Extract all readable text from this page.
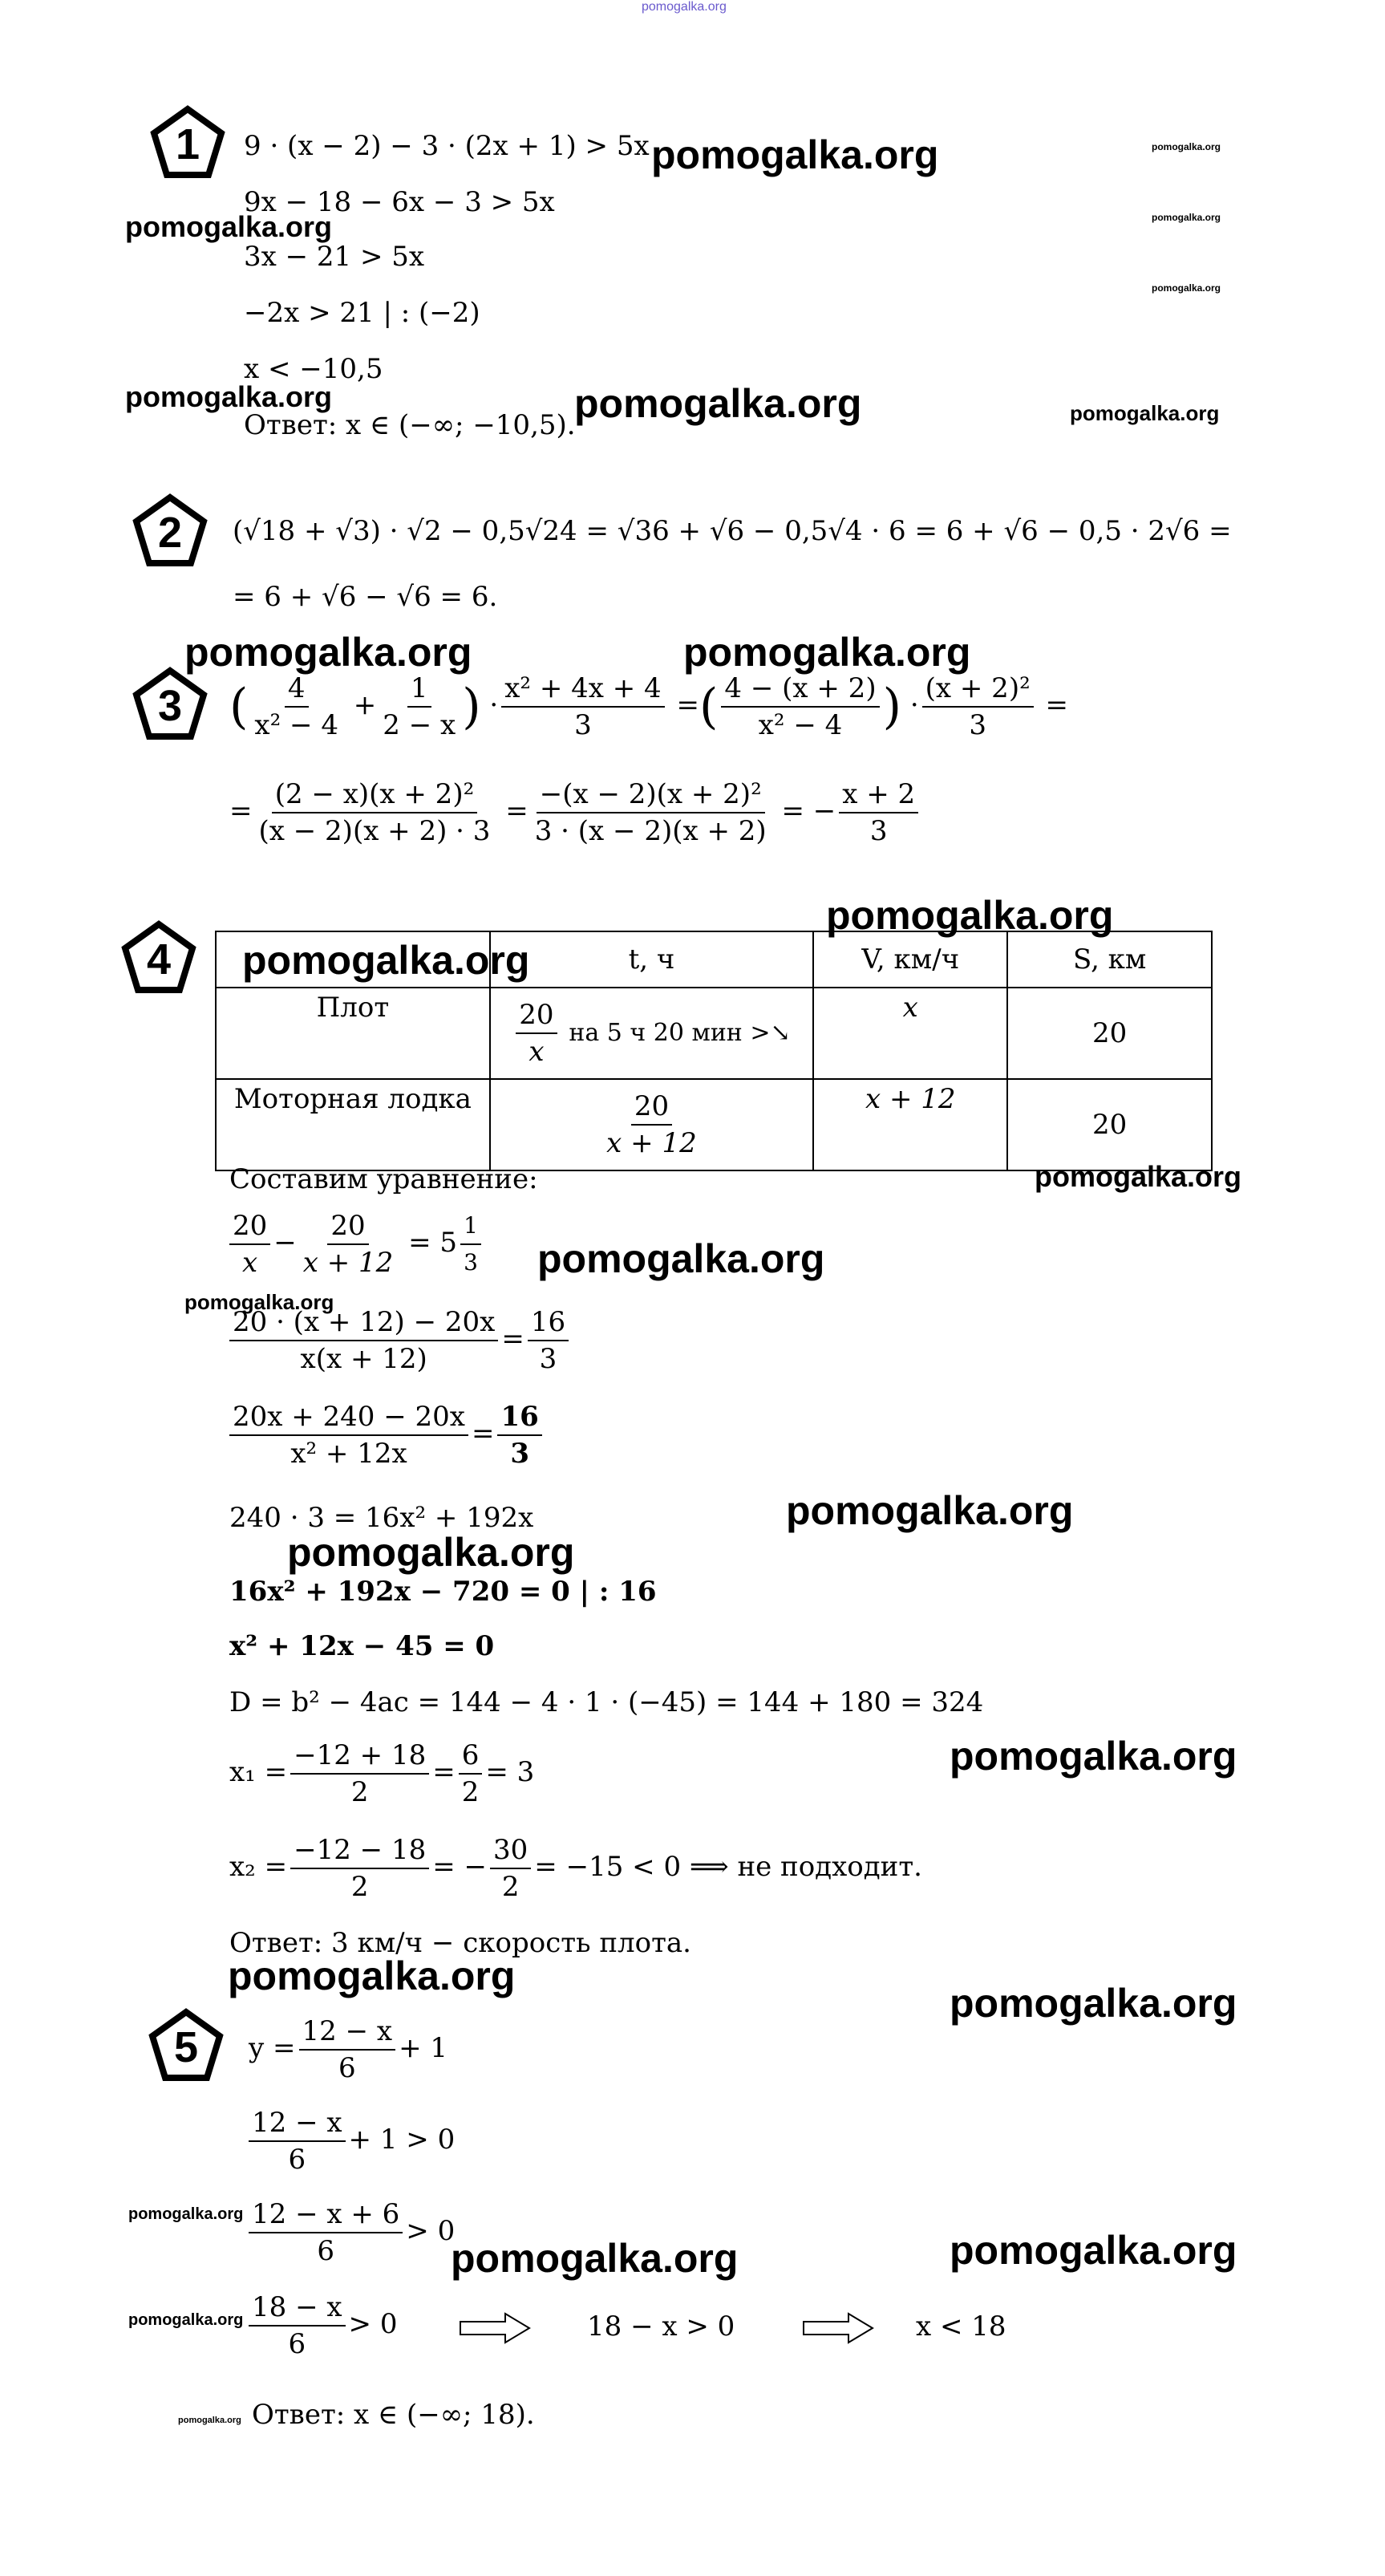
pomogalka.org
1	9 · (x − 2) − 3 · (2x + 1) > 5x
9x − 18 − 6x − 3 > 5x
3x − 21 > 5x
−2x > 21 | : (−2)
x < −10,5
Ответ: x ∈ (−∞; −10,5).
pomogalka.org	pomogalka.org
pomogalka.org	pomogalka.org
pomogalka.org
pomogalka.org	pomogalka.org	pomogalka.org
2	(√18 + √3) · √2 − 0,5√24 = √36 + √6 − 0,5√4 · 6 = 6 + √6 − 0,5 · 2√6 =
= 6 + √6 − √6 = 6.
pomogalka.org	pomogalka.org
3 ( $\frac{4}{\text{x² − 4}} + \frac{1}{2 - x}$ ) · $\frac{\text{x² + 4x + 4}}{3}$ =( $\frac{4 - (x + 2)}{\text{x² − 4}}$ ) · $\frac{\text{(x + 2)²}}{3}$ =
= $\frac{\text{(2 − x)(x + 2)²}}{(x - 2)(x + 2) \cdot 3} = \frac{\text{−(x − 2)(x + 2)²}}{3 \cdot (x - 2)(x + 2)}$ = − $\frac{x + 2}{3}$
pomogalka.org
4
		t, ч	V, км/ч	S, км
Плот	$\frac{20}{x}$ на 5 ч 20 мин >↘	x	20
Моторная лодка	$\frac{20}{x + 12}$	x + 12	20
pomogalka.org
Составим уравнение:	pomogalka.org
$\frac{20}{x} - \frac{20}{x + 12} = 5 \frac{1}{3}$ pomogalka.org
pomogalka.org
$\frac{20 \cdot (x + 12) - 20x}{x(x + 12)} = \frac{16}{3}$
$\frac{20x + 240 - 20x}{\text{x² + 12x}} = \frac{16}{3}$
240 · 3 = 16x² + 192x	pomogalka.org
pomogalka.org
16x² + 192x − 720 = 0 | : 16
x² + 12x − 45 = 0
D = b² − 4ac = 144 − 4 · 1 · (−45) = 144 + 180 = 324
$x_1 = \frac{-12 + 18}{2} = \frac{6}{2} = 3$	pomogalka.org
$x_2 = \frac{-12 - 18}{2}$ = − $\frac{30}{2} = -15 < 0$ ⟹ не подходит.
Ответ: 3 км/ч − скорость плота.
pomogalka.org
pomogalka.org
5	$y = \frac{12 - x}{6} + 1$
$\frac{12 - x}{6} + 1 > 0$
pomogalka.org $\frac{12 - x + 6}{6} > 0$
pomogalka.org	pomogalka.org
pomogalka.org $\frac{18 - x}{6} > 0$	18 − x > 0	x < 18
pomogalka.org Ответ: x ∈ (−∞; 18).
